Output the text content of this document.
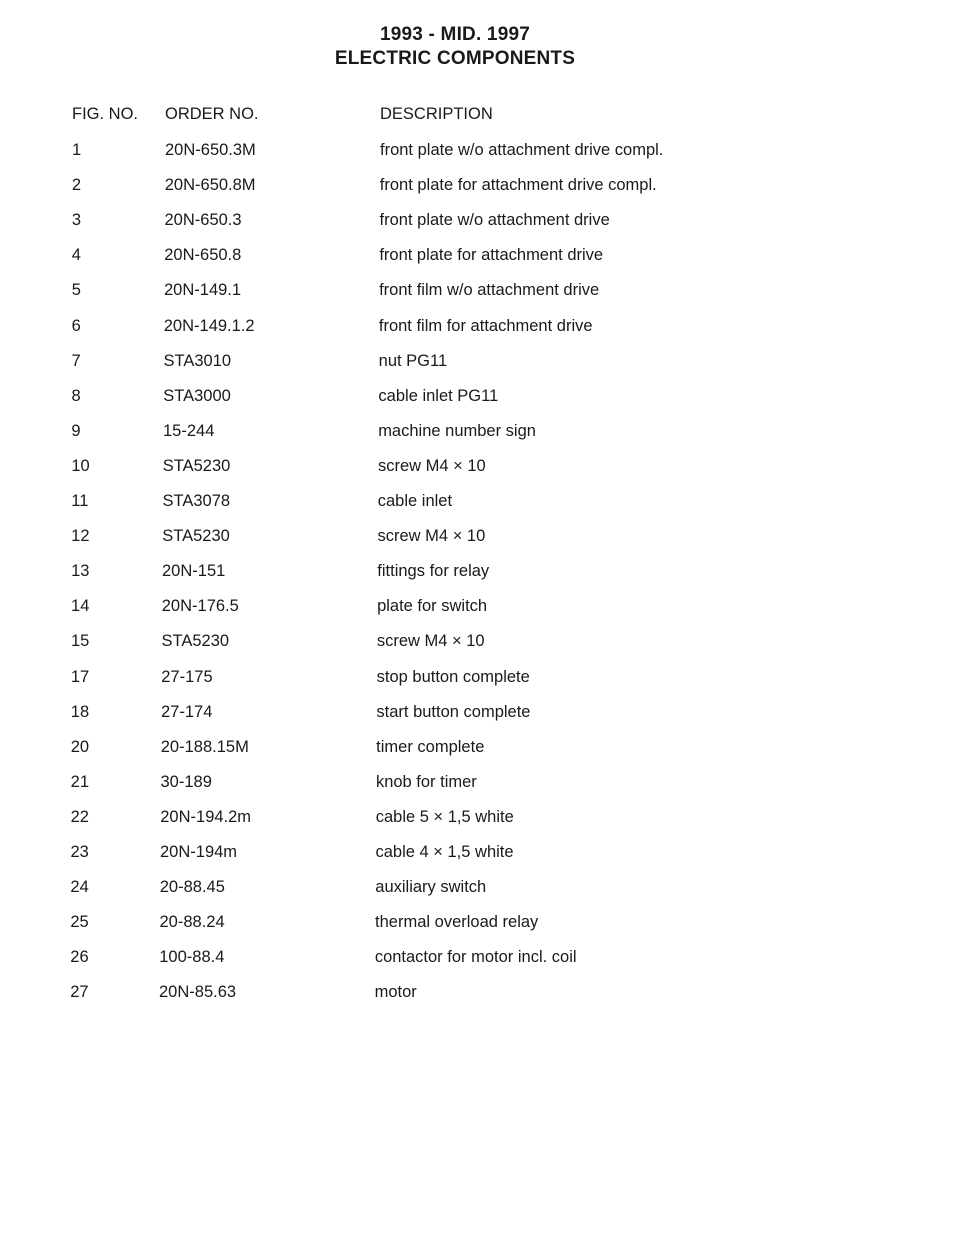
1993 - MID. 1997
ELECTRIC COMPONENTS
FIG. NO. ORDER NO.	DESCRIPTION
1	20N-650.3M	front plate w/o attachment drive compl.
2	20N-650.8M	front plate for attachment drive compl.
3	20N-650.3	front plate w/o attachment drive
4	20N-650.8	front plate for attachment drive
5	20N-149.1	front film w/o attachment drive
6	20N-149.1.2	front film for attachment drive
7	STA3010	nut PG11
8	STA3000	cable inlet PG11
9	15-244	machine number sign
10	STA5230	screw M4 × 10
11	STA3078	cable inlet
12	STA5230	screw M4 × 10
13	20N-151	fittings for relay
14	20N-176.5	plate for switch
15	STA5230	screw M4 × 10
17	27-175	stop button complete
18	27-174	start button complete
20	20-188.15M	timer complete
21	30-189	knob for timer
22	20N-194.2m	cable 5 × 1,5 white
23	20N-194m	cable 4 × 1,5 white
24	20-88.45	auxiliary switch
25	20-88.24	thermal overload relay
26	100-88.4	contactor for motor incl. coil
27	20N-85.63	motor
